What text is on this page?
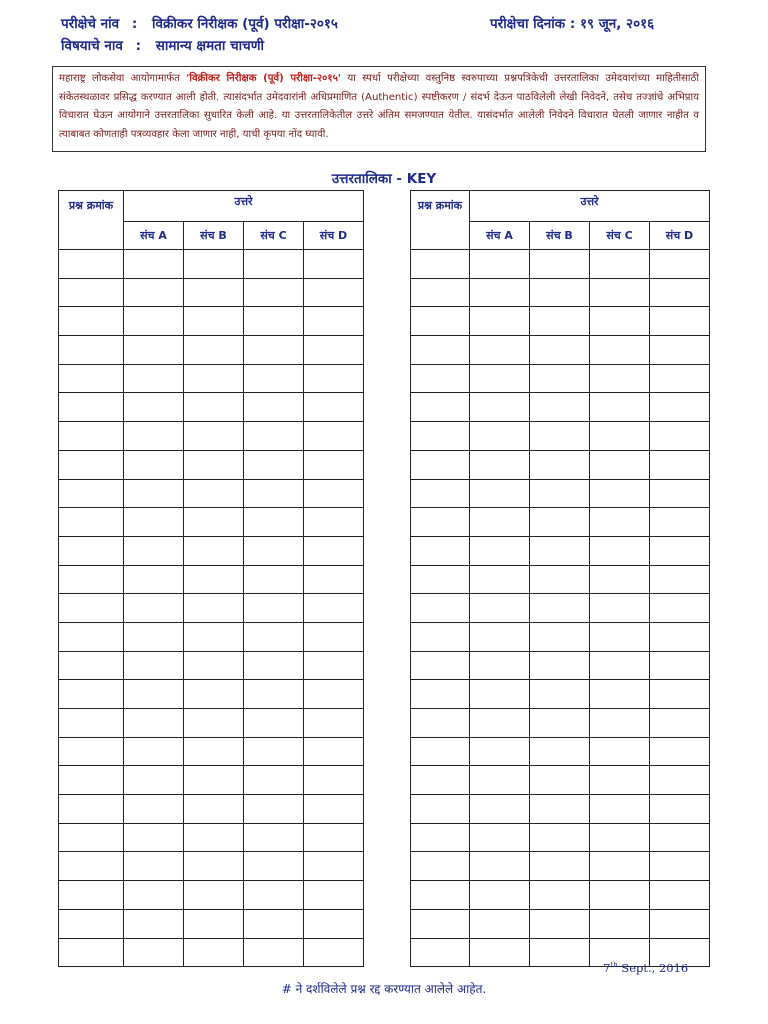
परीक्षेचे नांव : विक्रीकर निरीक्षक (पूर्व) परीक्षा-२०१५
विषयाचे नाव : सामान्य क्षमता चाचणी
परीक्षेचा दिनांक : १९ जून, २०१६
महाराष्ट्र लोकसेवा आयोगामार्फत 'विक्रीकर निरीक्षक (पूर्व) परीक्षा-२०१५' या स्पर्धा परीक्षेच्या वस्तुनिष्ठ स्वरुपाच्या प्रश्नपत्रिकेची उत्तरतालिका उमेदवारांच्या माहितीसाठी संकेतस्थळावर प्रसिद्ध करण्यात आली होती. त्यासंदर्भात उमेदवारांनी अधिप्रमाणित (Authentic) स्पष्टीकरण / संदर्भ देऊन पाठविलेली लेखी निवेदने, तसेच तज्ज्ञांचे अभिप्राय विचारात घेऊन आयोगाने उत्तरतालिका सुधारित केली आहे. या उत्तरतालिकेतील उत्तरे अंतिम समजण्यात येतील. यासंदर्भात आलेली निवेदने विचारात घेतली जाणार नाहीत व त्याबाबत कोणताही पत्रव्यवहार केला जाणार नाही, याची कृपया नोंद घ्यावी.
उत्तरतालिका - KEY
प्रश्न क्रमांक	उत्तरे			
	संच A	संच B	संच C	संच D

प्रश्न क्रमांक	उत्तरे			
	संच A	संच B	संच C	संच D

7th Sept., 2016
# ने दर्शविलेले प्रश्न रद्द करण्यात आलेले आहेत.
